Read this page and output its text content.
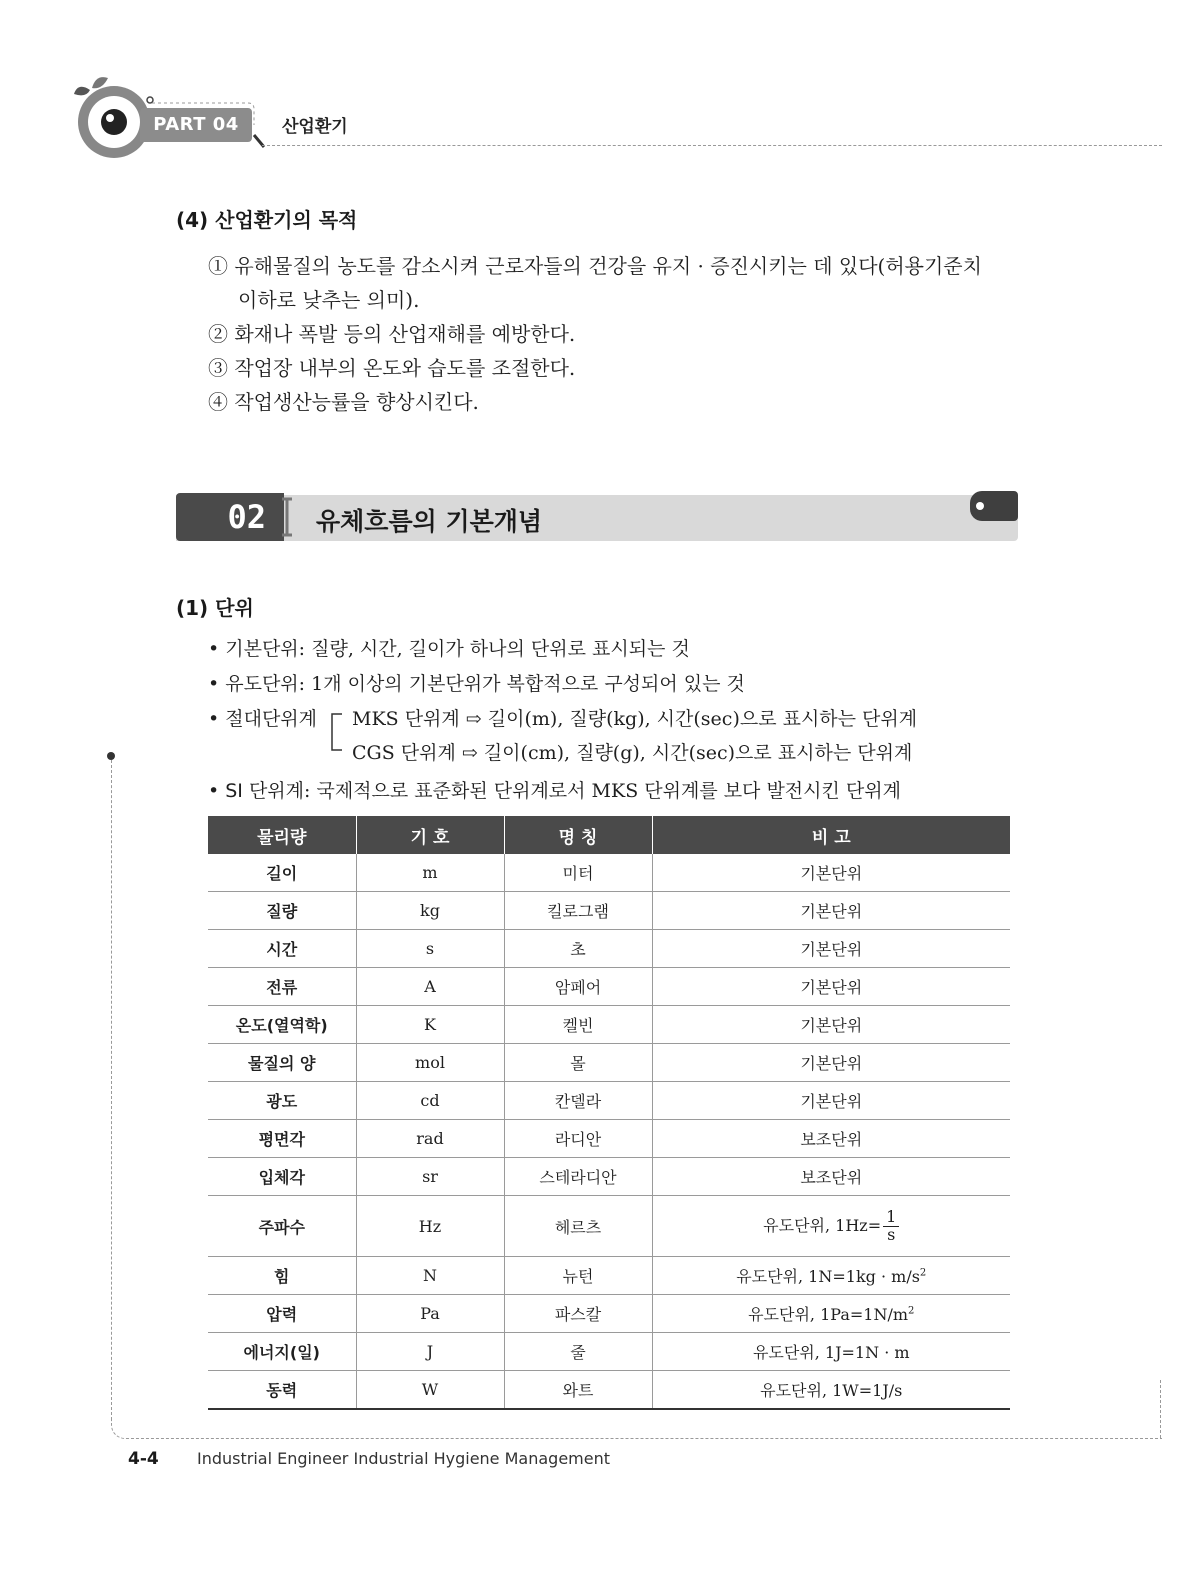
PART 04	산업환기
(4) 산업환기의 목적
① 유해물질의 농도를 감소시켜 근로자들의 건강을 유지 · 증진시키는 데 있다(허용기준치
이하로 낮추는 의미).
② 화재나 폭발 등의 산업재해를 예방한다.
③ 작업장 내부의 온도와 습도를 조절한다.
④ 작업생산능률을 향상시킨다.
02	유체흐름의 기본개념
(1) 단위
• 기본단위: 질량, 시간, 길이가 하나의 단위로 표시되는 것
• 유도단위: 1개 이상의 기본단위가 복합적으로 구성되어 있는 것
• 절대단위계 MKS 단위계 ⇨ 길이(m), 질량(kg), 시간(sec)으로 표시하는 단위계
CGS 단위계 ⇨ 길이(cm), 질량(g), 시간(sec)으로 표시하는 단위계
• SI 단위계: 국제적으로 표준화된 단위계로서 MKS 단위계를 보다 발전시킨 단위계
물리량	기 호	명 칭	비 고
길이	m	미터	기본단위
질량	kg	킬로그램	기본단위
시간	s	초	기본단위
전류	A	암페어	기본단위
온도(열역학)	K	켈빈	기본단위
물질의 양	mol	몰	기본단위
광도	cd	칸델라	기본단위
평면각	rad	라디안	보조단위
입체각	sr	스테라디안	보조단위
주파수	Hz	헤르츠	유도단위, $1Hz= \frac{1}{s}$

힘	N	뉴턴	유도단위, $1N=1kg \cdot m/s^2$
압력	Pa	파스칼	유도단위, $1Pa=1N/m^2$
에너지(일)	J	줄	유도단위, 1J=1N · m
동력	W	와트	유도단위, 1W=1J/s
4-4 Industrial Engineer Industrial Hygiene Management
